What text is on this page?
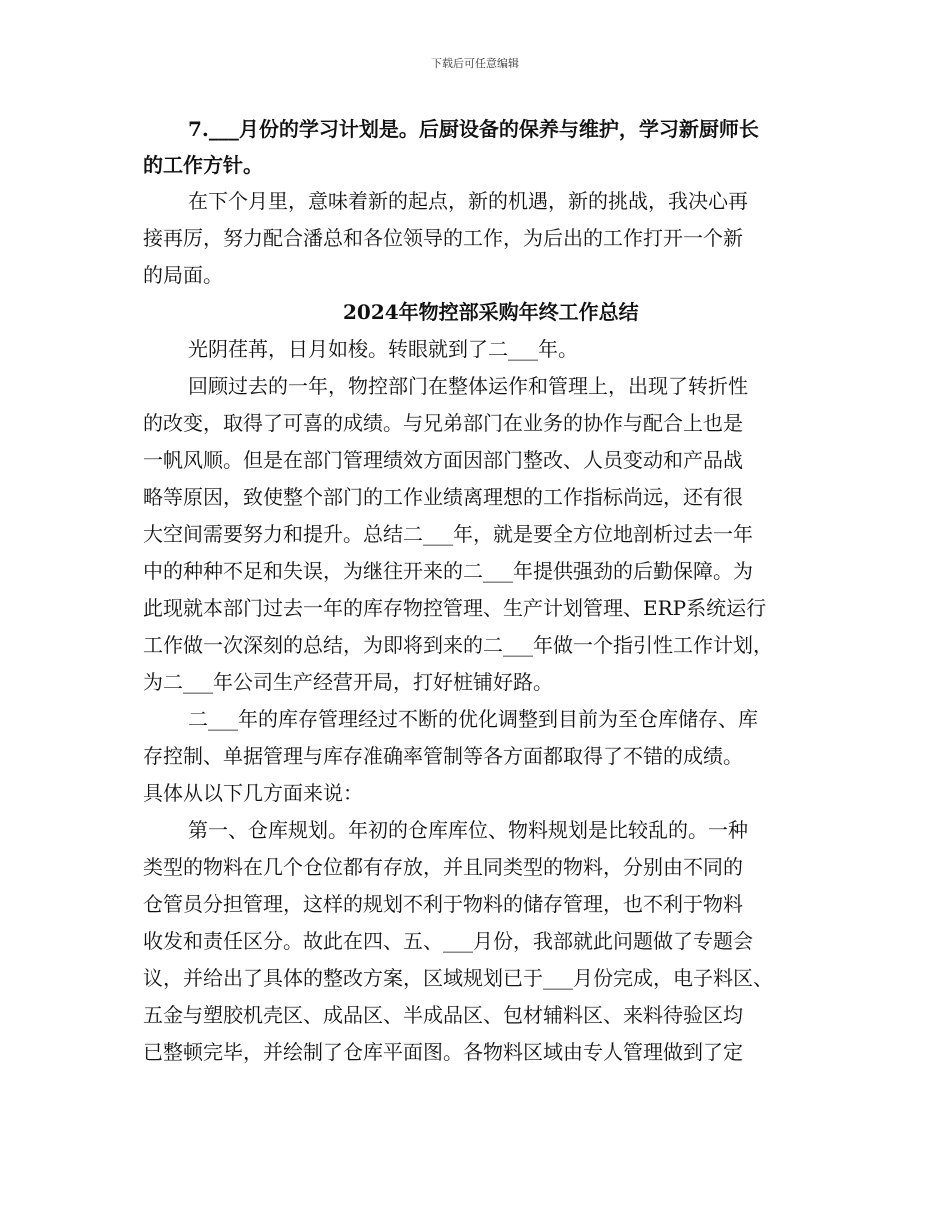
下载后可任意编辑
7.___月份的学习计划是。后厨设备的保养与维护，学习新厨师长
的工作方针。
在下个月里，意味着新的起点，新的机遇，新的挑战，我决心再
接再厉，努力配合潘总和各位领导的工作，为后出的工作打开一个新
的局面。
2024年物控部采购年终工作总结
光阴荏苒，日月如梭。转眼就到了二___年。
回顾过去的一年，物控部门在整体运作和管理上，出现了转折性
的改变，取得了可喜的成绩。与兄弟部门在业务的协作与配合上也是
一帆风顺。但是在部门管理绩效方面因部门整改、人员变动和产品战
略等原因，致使整个部门的工作业绩离理想的工作指标尚远，还有很
大空间需要努力和提升。总结二___年，就是要全方位地剖析过去一年
中的种种不足和失误，为继往开来的二___年提供强劲的后勤保障。为
此现就本部门过去一年的库存物控管理、生产计划管理、ERP系统运行
工作做一次深刻的总结，为即将到来的二___年做一个指引性工作计划，
为二___年公司生产经营开局，打好桩铺好路。
二___年的库存管理经过不断的优化调整到目前为至仓库储存、库
存控制、单据管理与库存准确率管制等各方面都取得了不错的成绩。
具体从以下几方面来说：
第一、仓库规划。年初的仓库库位、物料规划是比较乱的。一种
类型的物料在几个仓位都有存放，并且同类型的物料，分别由不同的
仓管员分担管理，这样的规划不利于物料的储存管理，也不利于物料
收发和责任区分。故此在四、五、___月份，我部就此问题做了专题会
议，并给出了具体的整改方案，区域规划已于___月份完成，电子料区、
五金与塑胶机壳区、成品区、半成品区、包材辅料区、来料待验区均
已整顿完毕，并绘制了仓库平面图。各物料区域由专人管理做到了定
